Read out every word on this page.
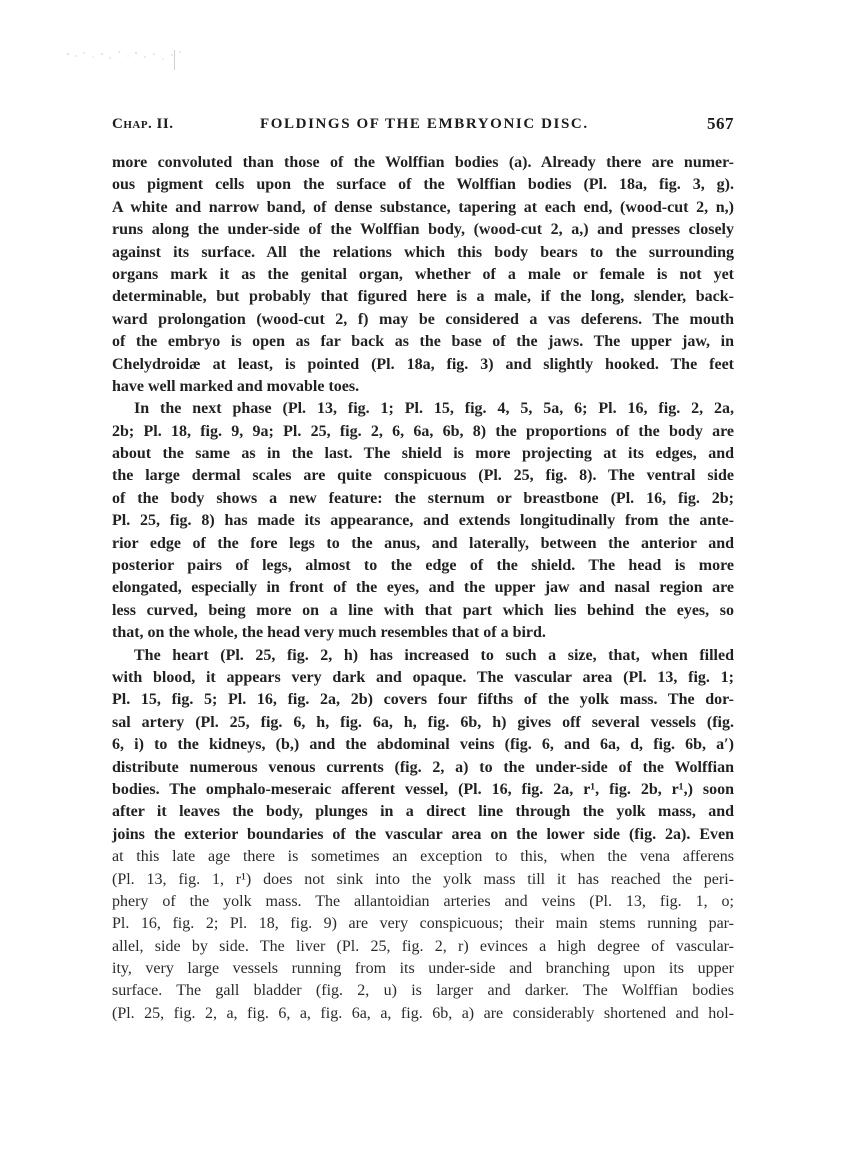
Chap. II.	FOLDINGS OF THE EMBRYONIC DISC.	567
more convoluted than those of the Wolffian bodies (a). Already there are numer-
ous pigment cells upon the surface of the Wolffian bodies (Pl. 18a, fig. 3, g).
A white and narrow band, of dense substance, tapering at each end, (wood-cut 2, n,)
runs along the under-side of the Wolffian body, (wood-cut 2, a,) and presses closely
against its surface. All the relations which this body bears to the surrounding
organs mark it as the genital organ, whether of a male or female is not yet
determinable, but probably that figured here is a male, if the long, slender, back-
ward prolongation (wood-cut 2, f) may be considered a vas deferens. The mouth
of the embryo is open as far back as the base of the jaws. The upper jaw, in
Chelydroidæ at least, is pointed (Pl. 18a, fig. 3) and slightly hooked. The feet
have well marked and movable toes.
In the next phase (Pl. 13, fig. 1; Pl. 15, fig. 4, 5, 5a, 6; Pl. 16, fig. 2, 2a,
2b; Pl. 18, fig. 9, 9a; Pl. 25, fig. 2, 6, 6a, 6b, 8) the proportions of the body are
about the same as in the last. The shield is more projecting at its edges, and
the large dermal scales are quite conspicuous (Pl. 25, fig. 8). The ventral side
of the body shows a new feature: the sternum or breastbone (Pl. 16, fig. 2b;
Pl. 25, fig. 8) has made its appearance, and extends longitudinally from the ante-
rior edge of the fore legs to the anus, and laterally, between the anterior and
posterior pairs of legs, almost to the edge of the shield. The head is more
elongated, especially in front of the eyes, and the upper jaw and nasal region are
less curved, being more on a line with that part which lies behind the eyes, so
that, on the whole, the head very much resembles that of a bird.
The heart (Pl. 25, fig. 2, h) has increased to such a size, that, when filled
with blood, it appears very dark and opaque. The vascular area (Pl. 13, fig. 1;
Pl. 15, fig. 5; Pl. 16, fig. 2a, 2b) covers four fifths of the yolk mass. The dor-
sal artery (Pl. 25, fig. 6, h, fig. 6a, h, fig. 6b, h) gives off several vessels (fig.
6, i) to the kidneys, (b,) and the abdominal veins (fig. 6, and 6a, d, fig. 6b, a′)
distribute numerous venous currents (fig. 2, a) to the under-side of the Wolffian
bodies. The omphalo-meseraic afferent vessel, (Pl. 16, fig. 2a, r¹, fig. 2b, r¹,) soon
after it leaves the body, plunges in a direct line through the yolk mass, and
joins the exterior boundaries of the vascular area on the lower side (fig. 2a). Even
at this late age there is sometimes an exception to this, when the vena afferens
(Pl. 13, fig. 1, r¹) does not sink into the yolk mass till it has reached the peri-
phery of the yolk mass. The allantoidian arteries and veins (Pl. 13, fig. 1, o;
Pl. 16, fig. 2; Pl. 18, fig. 9) are very conspicuous; their main stems running par-
allel, side by side. The liver (Pl. 25, fig. 2, r) evinces a high degree of vascular-
ity, very large vessels running from its under-side and branching upon its upper
surface. The gall bladder (fig. 2, u) is larger and darker. The Wolffian bodies
(Pl. 25, fig. 2, a, fig. 6, a, fig. 6a, a, fig. 6b, a) are considerably shortened and hol-
